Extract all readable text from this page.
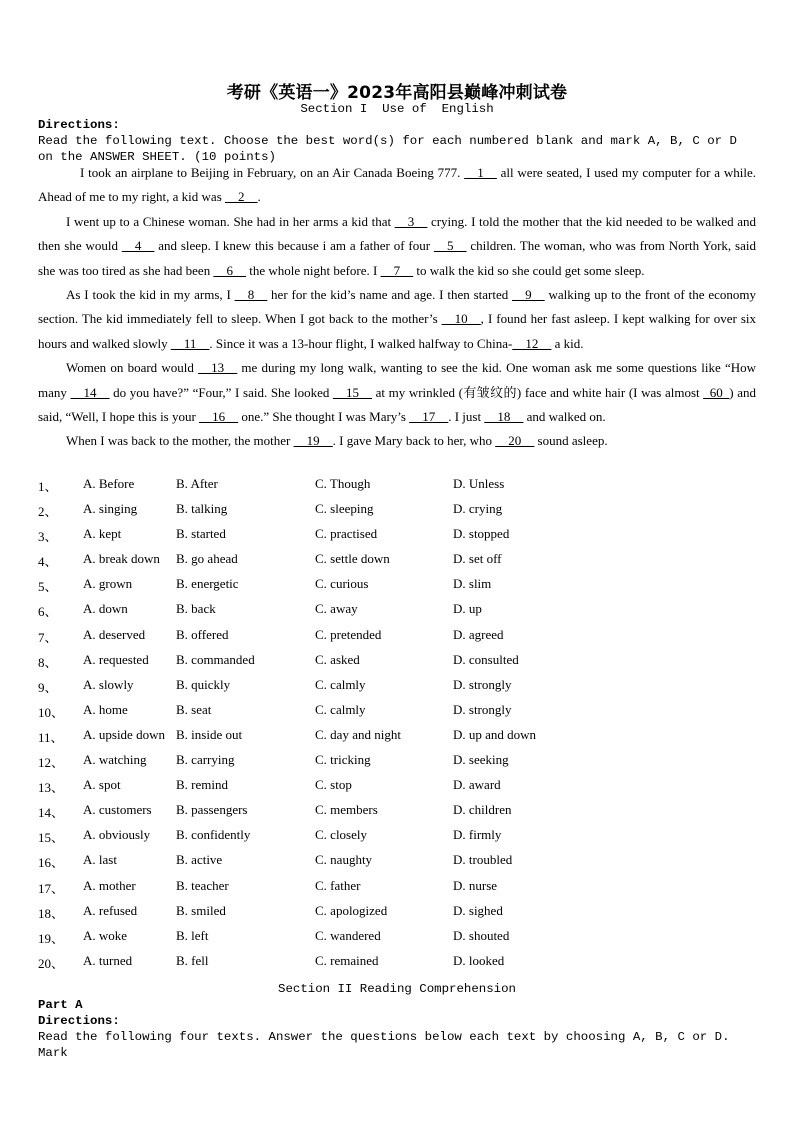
考研《英语一》2023年高阳县巅峰冲刺试卷
Section I  Use of  English
Directions:
Read the following text. Choose the best word(s) for each numbered blank and mark A, B, C or D on the ANSWER SHEET. (10 points)

I took an airplane to Beijing in February, on an Air Canada Boeing 777. __1__ all were seated, I used my computer for a while. Ahead of me to my right, a kid was __2__.

I went up to a Chinese woman. She had in her arms a kid that __3__ crying. I told the mother that the kid needed to be walked and then she would __4__ and sleep. I knew this because i am a father of four __5__ children. The woman, who was from North York, said she was too tired as she had been __6__ the whole night before. I __7__ to walk the kid so she could get some sleep.

As I took the kid in my arms, I __8__ her for the kid’s name and age. I then started __9__ walking up to the front of the economy section. The kid immediately fell to sleep. When I got back to the mother’s __10__, I found her fast asleep. I kept walking for over six hours and walked slowly __11__. Since it was a 13-hour flight, I walked halfway to China-__12__ a kid.

Women on board would __13__ me during my long walk, wanting to see the kid. One woman ask me some questions like “How many __14__ do you have?” “Four,” I said. She looked __15__ at my wrinkled (有皱纹的) face and white hair (I was almost _60_) and said, “Well, I hope this is your __16__ one.” She thought I was Mary’s __17__. I just __18__ and walked on.

When I was back to the mother, the mother __19__. I gave Mary back to her, who __20__ sound asleep.

1、 A. Before	B. After	C. Though	D. Unless
2、 A. singing	B. talking	C. sleeping	D. crying
3、 A. kept	B. started	C. practised	D. stopped
4、 A. break down B. go ahead	C. settle down	D. set off
5、 A. grown	B. energetic	C. curious	D. slim
6、 A. down	B. back	C. away	D. up
7、 A. deserved B. offered	C. pretended	D. agreed
8、 A. requested B. commanded	C. asked	D. consulted
9、 A. slowly	B. quickly	C. calmly	D. strongly
10、 A. home	B. seat	C. calmly	D. strongly
11、 A. upside down B. inside out	C. day and night	D. up and down
12、 A. watching B. carrying	C. tricking	D. seeking
13、 A. spot	B. remind	C. stop	D. award
14、 A. customers B. passengers	C. members	D. children
15、 A. obviously B. confidently	C. closely	D. firmly
16、 A. last	B. active	C. naughty	D. troubled
17、 A. mother	B. teacher	C. father	D. nurse
18、 A. refused	B. smiled	C. apologized	D. sighed
19、 A. woke	B. left	C. wandered	D. shouted
20、 A. turned	B. fell	C. remained	D. looked
Section II Reading Comprehension
Part A
Directions:
Read the following four texts. Answer the questions below each text by choosing A, B, C or D. Mark
